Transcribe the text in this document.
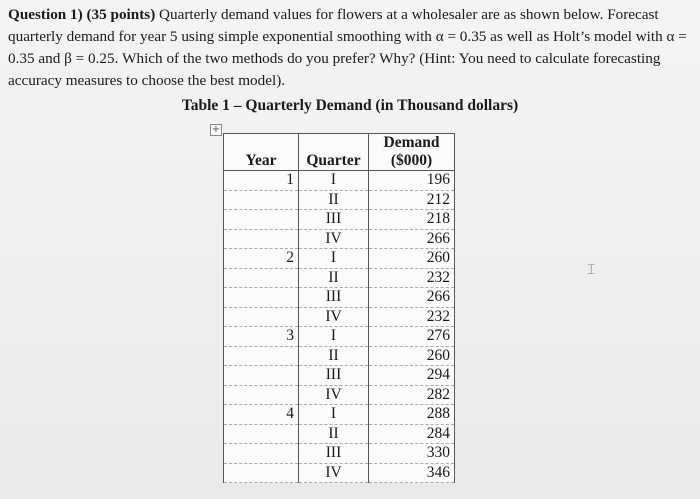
Question 1) (35 points) Quarterly demand values for flowers at a wholesaler are as shown below. Forecast quarterly demand for year 5 using simple exponential smoothing with α = 0.35 as well as Holt’s model with α = 0.35 and β = 0.25. Which of the two methods do you prefer? Why? (Hint: You need to calculate forecasting accuracy measures to choose the best model).
Table 1 – Quarterly Demand (in Thousand dollars)
+
⌶
Year	Quarter	Demand
($000)

1	I	196
	II	212
	III	218
	IV	266
2	I	260
	II	232
	III	266
	IV	232
3	I	276
	II	260
	III	294
	IV	282
4	I	288
	II	284
	III	330
	IV	346
